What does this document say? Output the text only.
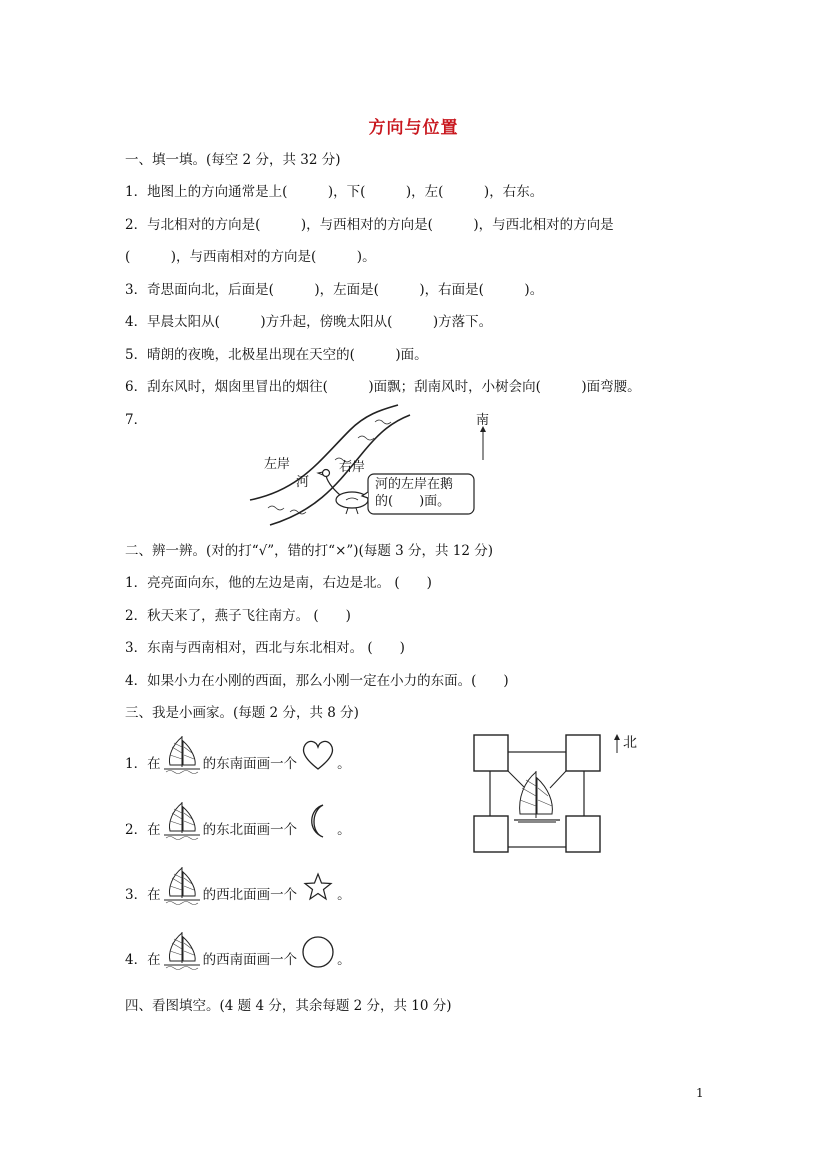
方向与位置
一、填一填。(每空 2 分，共 32 分)
1．地图上的方向通常是上(　　　)，下(　　　)，左(　　　)，右东。
2．与北相对的方向是(　　　)，与西相对的方向是(　　　)，与西北相对的方向是
(　　　)，与西南相对的方向是(　　　)。
3．奇思面向北，后面是(　　　)，左面是(　　　)，右面是(　　　)。
4．早晨太阳从(　　　)方升起，傍晚太阳从(　　　)方落下。
5．晴朗的夜晚，北极星出现在天空的(　　　)面。
6．刮东风时，烟囱里冒出的烟往(　　　)面飘；刮南风时，小树会向(　　　)面弯腰。
7．
左岸	右岸
河
南
河的左岸在鹅
的(　　)面。
二、辨一辨。(对的打“√”，错的打“×”)(每题 3 分，共 12 分)
1．亮亮面向东，他的左边是南，右边是北。 (　　)
2．秋天来了，燕子飞往南方。 (　　)
3．东南与西南相对，西北与东北相对。 (　　)
4．如果小力在小刚的西面，那么小刚一定在小力的东面。(　　)
三、我是小画家。(每题 2 分，共 8 分)
1．在	的东南面画一个	。
2．在	的东北面画一个	。
3．在	的西北面画一个	。
4．在	的西南面画一个	。
北
四、看图填空。(4 题 4 分，其余每题 2 分，共 10 分)
1
